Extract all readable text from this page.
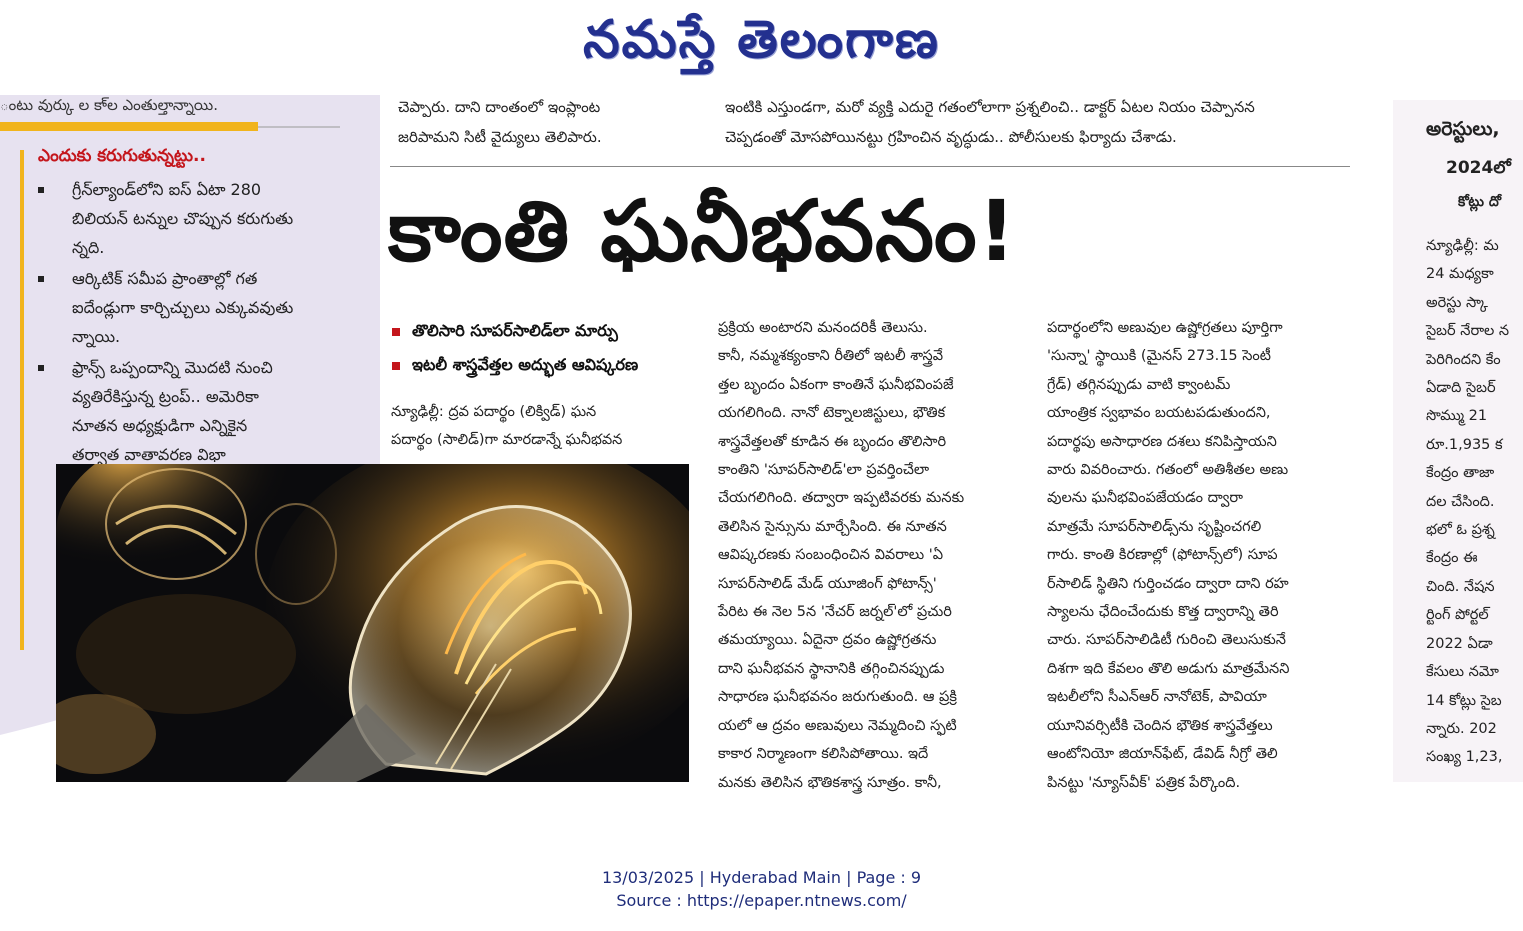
నమస్తే తెలంగాణ
ంటు వుర్కు ల కా్ల ఎంతుల్తాన్నాయి.
ఎందుకు కరుగుతున్నట్టు..
గ్రీన్‌ల్యాండ్‌లోని ఐస్ ఏటా 280
బిలియన్ టన్నుల చొప్పున కరుగుతు
న్నది.
ఆర్కిటిక్ సమీప ప్రాంతాల్లో గత
ఐదేండ్లుగా కార్చిచ్చులు ఎక్కువవుతు
న్నాయి.
ఫ్రాన్స్ ఒప్పందాన్ని మొదటి నుంచి
వ్యతిరేకిస్తున్న ట్రంప్.. అమెరికా
నూతన అధ్యక్షుడిగా ఎన్నికైన
తర్వాత వాతావరణ విభా
చెప్పారు. దాని దాంతంలో ఇంప్లాంట
జరిపామని సిటీ వైద్యులు తెలిపారు.
ఇంటికి ఎస్తుండగా, మరో వ్యక్తి ఎదురై గతంలోలాగా ప్రశ్నలించి.. డాక్టర్ ఏటల నియం చెప్పానన
చెప్పడంతో మోసపోయినట్టు గ్రహించిన వృద్ధుడు.. పోలీసులకు ఫిర్యాదు చేశాడు.
కాంతి ఘనీభవనం!
తొలిసారి సూపర్‌సాలిడ్‌లా మార్పు
ఇటలీ శాస్త్రవేత్తల అద్భుత ఆవిష్కరణ

న్యూఢిల్లీ: ద్రవ పదార్థం (లిక్విడ్) ఘన

పదార్థం (సాలిడ్)గా మారడాన్నే ఘనీభవన

ప్రక్రియ అంటారని మనందరికీ తెలుసు.

కానీ, నమ్మశక్యంకాని రీతిలో ఇటలీ శాస్త్రవే

త్తల బృందం ఏకంగా కాంతినే ఘనీభవింపజే

యగలిగింది. నానో టెక్నాలజిస్టులు, భౌతిక

శాస్త్రవేత్తలతో కూడిన ఈ బృందం తొలిసారి

కాంతిని 'సూపర్‌సాలిడ్'లా ప్రవర్తించేలా

చేయగలిగింది. తద్వారా ఇప్పటివరకు మనకు

తెలిసిన సైన్సును మార్చేసింది. ఈ నూతన

ఆవిష్కరణకు సంబంధించిన వివరాలు 'ఏ

సూపర్‌సాలిడ్ మేడ్ యూజింగ్ ఫోటాన్స్'

పేరిట ఈ నెల 5న 'నేచర్ జర్నల్'లో ప్రచురి

తమయ్యాయి. ఏదైనా ద్రవం ఉష్ణోగ్రతను

దాని ఘనీభవన స్థానానికి తగ్గించినప్పుడు

సాధారణ ఘనీభవనం జరుగుతుంది. ఆ ప్రక్రి

యలో ఆ ద్రవం అణువులు నెమ్మదించి స్ఫటి

కాకార నిర్మాణంగా కలిసిపోతాయి. ఇదే

మనకు తెలిసిన భౌతికశాస్త్ర సూత్రం. కానీ,

పదార్థంలోని అణువుల ఉష్ణోగ్రతలు పూర్తిగా

'సున్నా' స్థాయికి (మైనస్ 273.15 సెంటీ

గ్రేడ్) తగ్గినప్పుడు వాటి క్వాంటమ్

యాంత్రిక స్వభావం బయటపడుతుందని,

పదార్థపు అసాధారణ దశలు కనిపిస్తాయని

వారు వివరించారు. గతంలో అతిశీతల అణు

వులను ఘనీభవింపజేయడం ద్వారా

మాత్రమే సూపర్‌సాలిడ్స్‌ను సృష్టించగలి

గారు. కాంతి కిరణాల్లో (ఫోటాన్స్‌లో) సూప

ర్‌సాలిడ్ స్థితిని గుర్తించడం ద్వారా దాని రహ

స్యాలను ఛేదించేందుకు కొత్త ద్వారాన్ని తెరి

చారు. సూపర్‌సాలిడిటీ గురించి తెలుసుకునే

దిశగా ఇది కేవలం తొలి అడుగు మాత్రమేనని

ఇటలీలోని సీఎన్‌ఆర్ నానోటెక్, పావియా

యూనివర్సిటీకి చెందిన భౌతిక శాస్త్రవేత్తలు

ఆంటోనియో జియాన్‌ఫేట్, డేవిడ్ నీగ్రో తెలి

పినట్టు 'న్యూస్‌వీక్' పత్రిక పేర్కొంది.

అరెస్టులు,
2024లో
కోట్లు దో
న్యూఢిల్లీ: మ
24 మధ్యకా
అరెస్టు స్కా
సైబర్ నేరాల న
పెరిగిందని కేం
ఏడాది సైబర్
సొమ్ము 21
రూ.1,935 క
కేంద్రం తాజా
దల చేసింది.
భలో ఓ ప్రశ్న
కేంద్రం ఈ
చింది. నేషన
ర్టింగ్ పోర్టల్
2022 ఏడా
కేసులు నమో
14 కోట్లు సైబ
న్నారు. 202
సంఖ్య 1,23,
13/03/2025 | Hyderabad Main | Page : 9
Source : https://epaper.ntnews.com/
